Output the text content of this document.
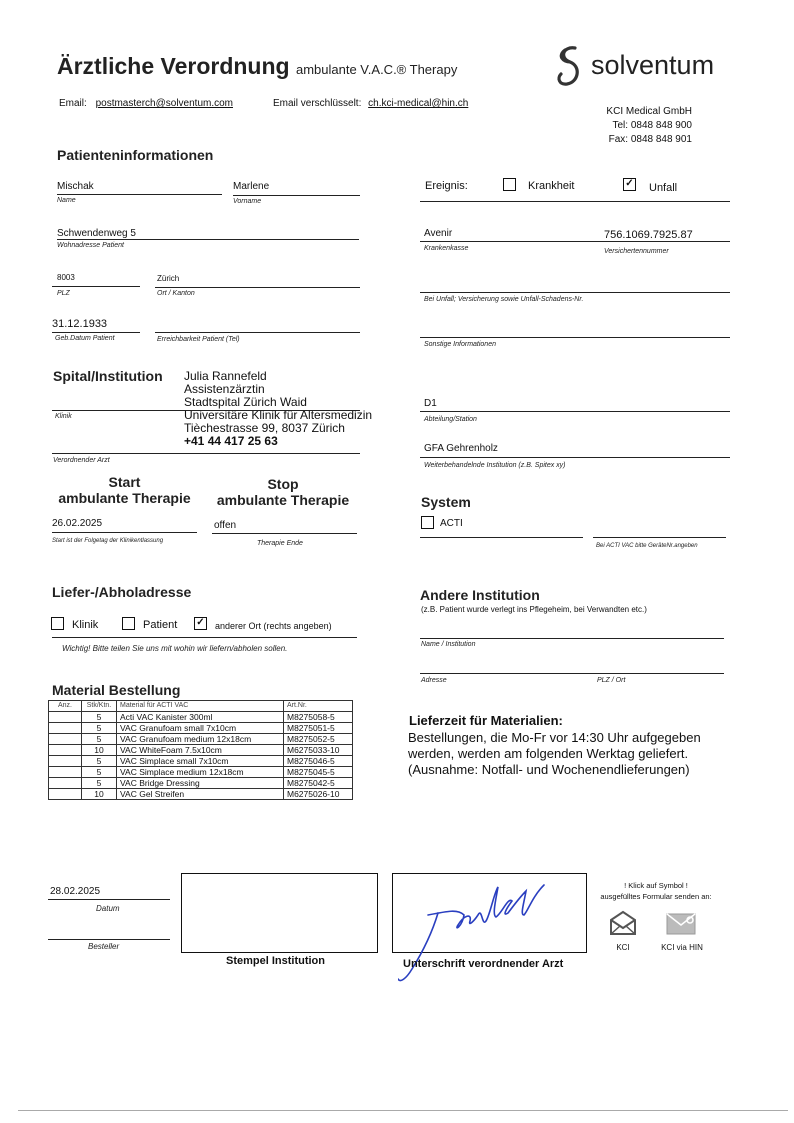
Ärztliche Verordnung ambulante V.A.C.® Therapy	solventum
Email: postmasterch@solventum.com	Email verschlüsselt: ch.kci-medical@hin.ch
KCI Medical GmbH
Tel: 0848 848 900
Fax: 0848 848 901
Patienteninformationen
Mischak
Name
Marlene
Vorname
Schwendenweg 5
Wohnadresse Patient
8003
PLZ
Zürich
Ort / Kanton
31.12.1933
Geb.Datum Patient	Erreichbarkeit Patient (Tel)
Ereignis:	Krankheit	✓ Unfall
Avenir	756.1069.7925.87
Krankenkasse	Versichertennummer
Bei Unfall; Versicherung sowie Unfall-Schadens-Nr.
Sonstige Informationen
Spital/Institution Julia Rannefeld
Assistenzärztin
Stadtspital Zürich Waid
Universitäre Klinik für Altersmedizin
Tièchestrasse 99, 8037 Zürich
+41 44 417 25 63
Klinik
Verordnender Arzt
D1
Abteilung/Station
GFA Gehrenholz
Weiterbehandelnde Institution (z.B. Spitex xy)
Start
ambulante Therapie
Stop
ambulante Therapie
26.02.2025
Start ist der Folgetag der Klinikentlassung
offen
Therapie Ende
System
ACTI
Bei ACTI VAC bitte GeräteNr.angeben
Liefer-/Abholadresse
Klinik	Patient ✓ anderer Ort (rechts angeben)
Wichtig! Bitte teilen Sie uns mit wohin wir liefern/abholen sollen.
Andere Institution
(z.B. Patient wurde verlegt ins Pflegeheim, bei Verwandten etc.)
Name / Institution
Adresse	PLZ / Ort
Material Bestellung
Anz.	Stk/Ktn.	Material für ACTI VAC	Art.Nr.
	5	Acti VAC Kanister 300ml	M8275058-5
	5	VAC Granufoam small 7x10cm	M8275051-5
	5	VAC Granufoam medium 12x18cm	M8275052-5
	10	VAC WhiteFoam 7.5x10cm	M6275033-10
	5	VAC Simplace small 7x10cm	M8275046-5
	5	VAC Simplace medium 12x18cm	M8275045-5
	5	VAC Bridge Dressing	M8275042-5
	10	VAC Gel Streifen	M6275026-10
Lieferzeit für Materialien:
Bestellungen, die Mo-Fr vor 14:30 Uhr aufgegeben
werden, werden am folgenden Werktag geliefert.
(Ausnahme: Notfall- und Wochenendlieferungen)
28.02.2025
Datum
Besteller
Stempel Institution	Unterschrift verordnender Arzt
! Klick auf Symbol !
ausgefülltes Formular senden an:
KCI	KCI via HIN
